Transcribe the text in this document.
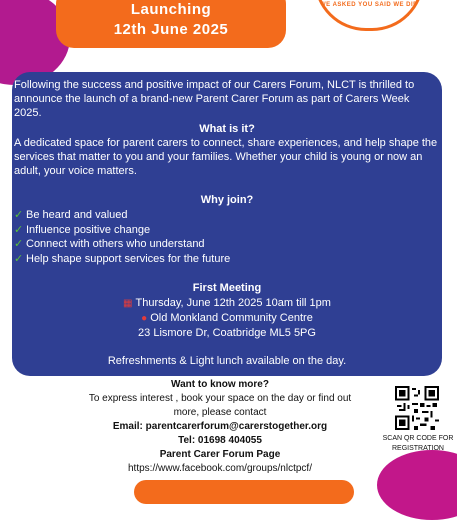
Launching
12th June 2025
WE ASKED YOU SAID WE DID
Following the success and positive impact of our Carers Forum, NLCT is thrilled to announce the launch of a brand-new Parent Carer Forum as part of Carers Week 2025.
What is it?
A dedicated space for parent carers to connect, share experiences, and help shape the services that matter to you and your families. Whether your child is young or now an adult, your voice matters.
Why join?
✓ Be heard and valued
✓ Influence positive change
✓ Connect with others who understand
✓ Help shape support services for the future
First Meeting
▦ Thursday, June 12th 2025 10am till 1pm
● Old Monkland Community Centre
23 Lismore Dr, Coatbridge ML5 5PG
Refreshments & Light lunch available on the day.
Want to know more?
To express interest , book your space on the day or find out
more, please contact
Email: parentcarerforum@carerstogether.org
Tel: 01698 404055
Parent Carer Forum Page
https://www.facebook.com/groups/nlctpcf/
SCAN QR CODE FOR REGISTRATION
